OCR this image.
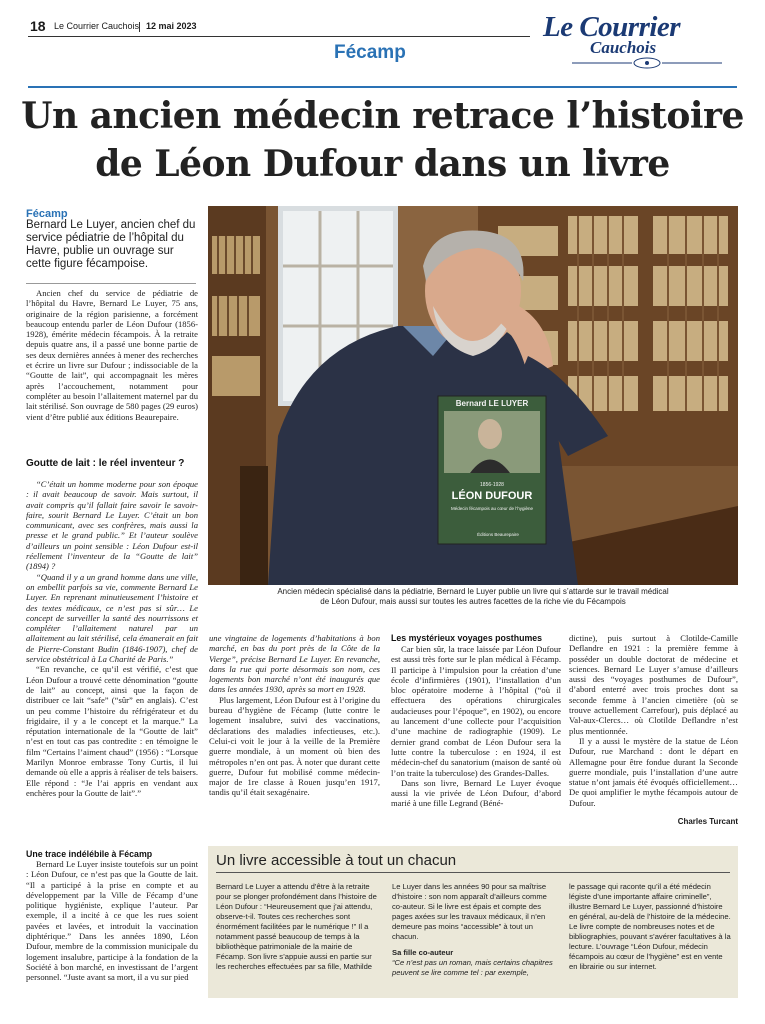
18 Le Courrier Cauchois 12 mai 2023
Fécamp
Le Courrier
Cauchois
Un ancien médecin retrace l’histoire
de Léon Dufour dans un livre
Fécamp
Bernard Le Luyer, ancien chef du service pédiatrie de l’hôpital du Havre, publie un ouvrage sur cette figure fécampoise.

Ancien chef du service de pédiatrie de l’hôpital du Havre, Bernard Le Luyer, 75 ans, originaire de la région parisienne, a forcément beaucoup entendu parler de Léon Dufour (1856-1928), émérite médecin fécampois. À la retraite depuis quatre ans, il a passé une bonne partie de ses deux dernières années à mener des recherches et écrire un livre sur Dufour ; indissociable de la “Goutte de lait”, qui accompagnait les mères après l’accouchement, notamment pour compléter au besoin l’allaitement maternel par du lait stérilisé. Son ouvrage de 580 pages (29 euros) vient d’être publié aux éditions Beaurepaire.

Goutte de lait : le réel inventeur ?

“C’était un homme moderne pour son époque : il avait beaucoup de savoir. Mais surtout, il avait compris qu’il fallait faire savoir le savoir-faire, sourit Bernard Le Luyer. C’était un bon communicant, avec ses confrères, mais aussi la presse et le grand public.” Et l’auteur soulève d’ailleurs un point sensible : Léon Dufour est-il réellement l’inventeur de la “Goutte de lait” (1894) ?

“Quand il y a un grand homme dans une ville, on embellit parfois sa vie, commente Bernard Le Luyer. En reprenant minutieusement l’histoire et des textes médicaux, ce n’est pas si sûr… Le concept de surveiller la santé des nourrissons et compléter l’allaitement naturel par un allaitement au lait stérilisé, cela émanerait en fait de Pierre-Constant Budin (1846-1907), chef de service obstétrical à La Charité de Paris.”

“En revanche, ce qu’il est vérifié, c’est que Léon Dufour a trouvé cette dénomination “goutte de lait” au concept, ainsi que la façon de distribuer ce lait “safe” (“sûr” en anglais). C’est un peu comme l’histoire du réfrigérateur et du frigidaire, il y a le concept et la marque.” La réputation internationale de la “Goutte de lait” n’est en tout cas pas contredite : en témoigne le film “Certains l’aiment chaud” (1956) : “Lorsque Marilyn Monroe embrasse Tony Curtis, il lui demande où elle a appris à réaliser de tels baisers. Elle répond : “Je l’ai appris en vendant aux enchères pour la Goutte de lait”.”

Une trace indélébile à Fécamp

Bernard Le Luyer insiste toutefois sur un point : Léon Dufour, ce n’est pas que la Goutte de lait. “Il a participé à la prise en compte et au développement par la Ville de Fécamp d’une politique hygiéniste, explique l’auteur. Par exemple, il a incité à ce que les rues soient pavées et lavées, et introduit la vaccination diphtérique.” Dans les années 1890, Léon Dufour, membre de la commission municipale du logement insalubre, participe à la fondation de la Société à bon marché, en investissant de l’argent personnel. “Juste avant sa mort, il a vu sur pied

Bernard LE LUYER
1856-1928
LÉON DUFOUR
Médecin fécampois au cœur de l’hygiène
Éditions Beaurepaire
Ancien médecin spécialisé dans la pédiatrie, Bernard le Luyer publie un livre qui s’attarde sur le travail médical
de Léon Dufour, mais aussi sur toutes les autres facettes de la riche vie du Fécampois

une vingtaine de logements d’habitations à bon marché, en bas du port près de la Côte de la Vierge”, précise Bernard Le Luyer. En revanche, dans la rue qui porte désormais son nom, ces logements bon marché n’ont été inaugurés que dans les années 1930, après sa mort en 1928.

Plus largement, Léon Dufour est à l’origine du bureau d’hygiène de Fécamp (lutte contre le logement insalubre, suivi des vaccinations, déclarations des maladies infectieuses, etc.). Celui-ci voit le jour à la veille de la Première guerre mondiale, à un moment où bien des métropoles n’en ont pas. À noter que durant cette guerre, Dufour fut mobilisé comme médecin-major de 1re classe à Rouen jusqu’en 1917, tandis qu’il était sexagénaire.

Les mystérieux voyages posthumes

Car bien sûr, la trace laissée par Léon Dufour est aussi très forte sur le plan médical à Fécamp. Il participe à l’impulsion pour la création d’une école d’infirmières (1901), l’installation d’un bloc opératoire moderne à l’hôpital (“où il effectuera des opérations chirurgicales audacieuses pour l’époque”, en 1902), ou encore au lancement d’une collecte pour l’acquisition d’une machine de radiographie (1909). Le dernier grand combat de Léon Dufour sera la lutte contre la tuberculose : en 1924, il est médecin-chef du sanatorium (maison de santé où l’on traite la tuberculose) des Grandes-Dalles.

Dans son livre, Bernard Le Luyer évoque aussi la vie privée de Léon Dufour, d’abord marié à une fille Legrand (Béné-

dictine), puis surtout à Clotilde-Camille Deflandre en 1921 : la première femme à posséder un double doctorat de médecine et sciences. Bernard Le Luyer s’amuse d’ailleurs aussi des “voyages posthumes de Dufour”, d’abord enterré avec trois proches dont sa seconde femme à l’ancien cimetière (où se trouve actuellement Carrefour), puis déplacé au Val-aux-Clercs… où Clotilde Deflandre n’est plus mentionnée.

Il y a aussi le mystère de la statue de Léon Dufour, rue Marchand : dont le départ en Allemagne pour être fondue durant la Seconde guerre mondiale, puis l’installation d’une autre statue n’ont jamais été évoqués officiellement… De quoi amplifier le mythe fécampois autour de Dufour.

Charles Turcant
Un livre accessible à tout un chacun
Bernard Le Luyer a attendu d’être à la retraite pour se plonger profondément dans l’histoire de Léon Dufour : “Heureusement que j’ai attendu, observe-t-il. Toutes ces recherches sont énormément facilitées par le numérique !” Il a notamment passé beaucoup de temps à la bibliothèque patrimoniale de la mairie de Fécamp. Son livre s’appuie aussi en partie sur les recherches effectuées par sa fille, Mathilde
Le Luyer dans les années 90 pour sa maîtrise d’histoire : son nom apparaît d’ailleurs comme co-auteur. Si le livre est épais et compte des pages axées sur les travaux médicaux, il n’en demeure pas moins “accessible” à tout un chacun.
Sa fille co-auteur
“Ce n’est pas un roman, mais certains chapitres peuvent se lire comme tel : par exemple,
le passage qui raconte qu’il a été médecin légiste d’une importante affaire criminelle”, illustre Bernard Le Luyer, passionné d’histoire en général, au-delà de l’histoire de la médecine. Le livre compte de nombreuses notes et de bibliographies, pouvant s’avérer facultatives à la lecture. L’ouvrage “Léon Dufour, médecin fécampois au cœur de l’hygiène” est en vente en librairie ou sur internet.
